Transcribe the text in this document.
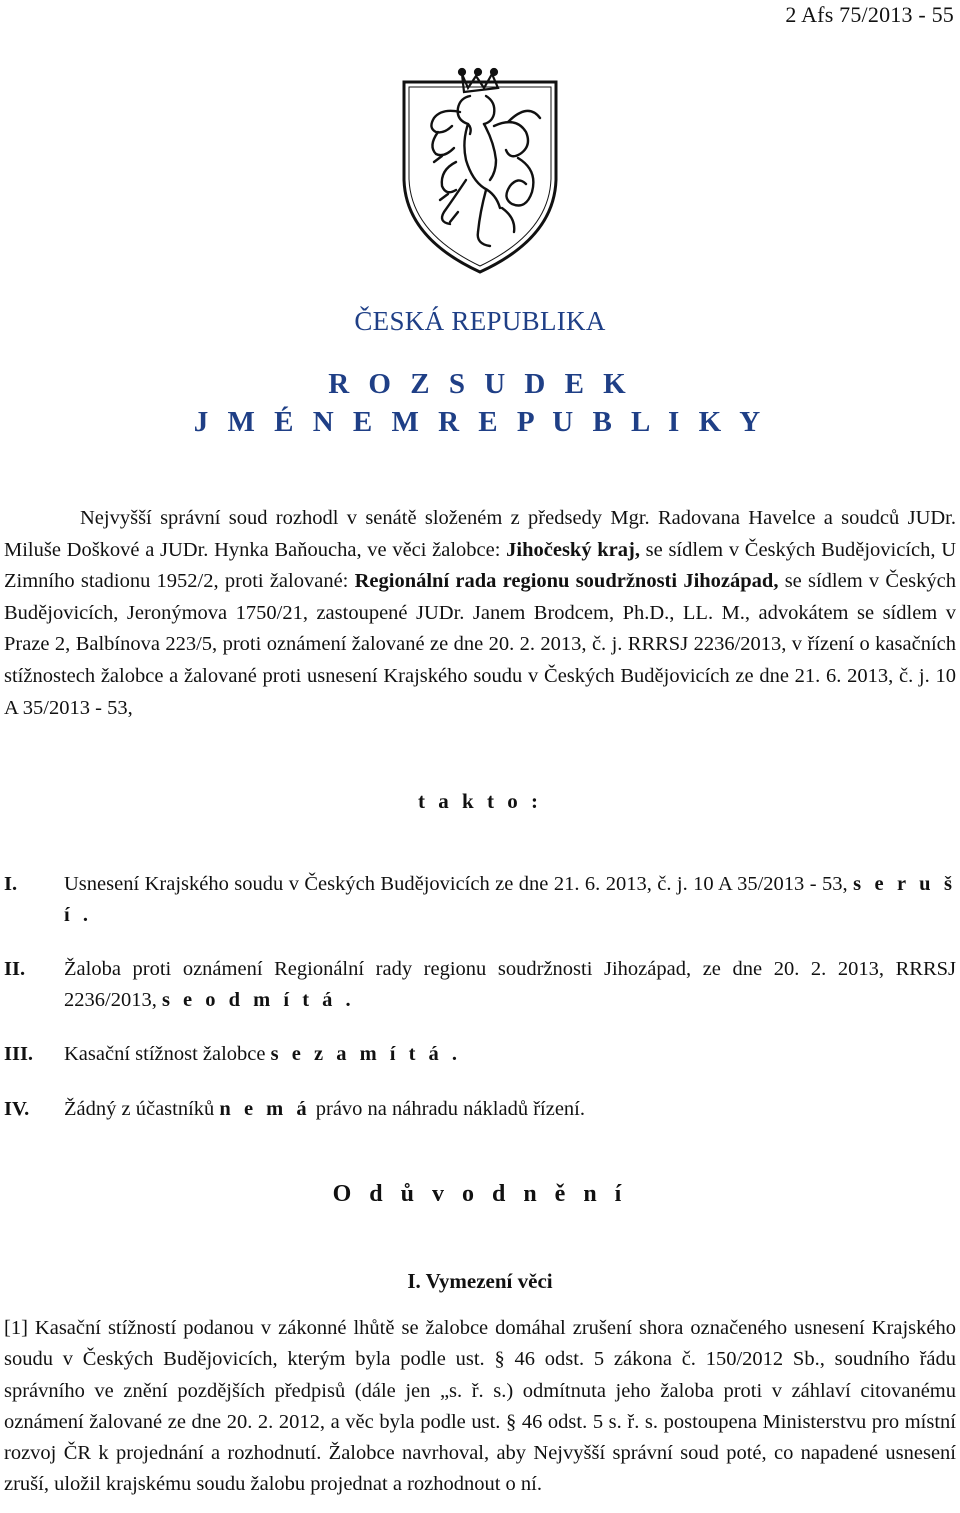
2 Afs 75/2013 - 55
ČESKÁ REPUBLIKA
R O Z S U D E K
J M É N E M R E P U B L I K Y
Nejvyšší správní soud rozhodl v senátě složeném z předsedy Mgr. Radovana Havelce a soudců JUDr. Miluše Doškové a JUDr. Hynka Baňoucha, ve věci žalobce: Jihočeský kraj, se sídlem v Českých Budějovicích, U Zimního stadionu 1952/2, proti žalované: Regionální rada regionu soudržnosti Jihozápad, se sídlem v Českých Budějovicích, Jeronýmova 1750/21, zastoupené JUDr. Janem Brodcem, Ph.D., LL. M., advokátem se sídlem v Praze 2, Balbínova 223/5, proti oznámení žalované ze dne 20. 2. 2013, č. j. RRRSJ 2236/2013, v řízení o kasačních stížnostech žalobce a žalované proti usnesení Krajského soudu v Českých Budějovicích ze dne 21. 6. 2013, č. j. 10 A 35/2013 - 53,
t a k t o :
I. Usnesení Krajského soudu v Českých Budějovicích ze dne 21. 6. 2013, č. j. 10 A 35/2013 - 53, s e r u š í .
II. Žaloba proti oznámení Regionální rady regionu soudržnosti Jihozápad, ze dne 20. 2. 2013, RRRSJ 2236/2013, s e o d m í t á .
III. Kasační stížnost žalobce s e z a m í t á .
IV. Žádný z účastníků n e m á právo na náhradu nákladů řízení.
O d ů v o d n ě n í
I. Vymezení věci
[1] Kasační stížností podanou v zákonné lhůtě se žalobce domáhal zrušení shora označeného usnesení Krajského soudu v Českých Budějovicích, kterým byla podle ust. § 46 odst. 5 zákona č. 150/2012 Sb., soudního řádu správního ve znění pozdějších předpisů (dále jen „s. ř. s.) odmítnuta jeho žaloba proti v záhlaví citovanému oznámení žalované ze dne 20. 2. 2012, a věc byla podle ust. § 46 odst. 5 s. ř. s. postoupena Ministerstvu pro místní rozvoj ČR k projednání a rozhodnutí. Žalobce navrhoval, aby Nejvyšší správní soud poté, co napadené usnesení zruší, uložil krajskému soudu žalobu projednat a rozhodnout o ní.
